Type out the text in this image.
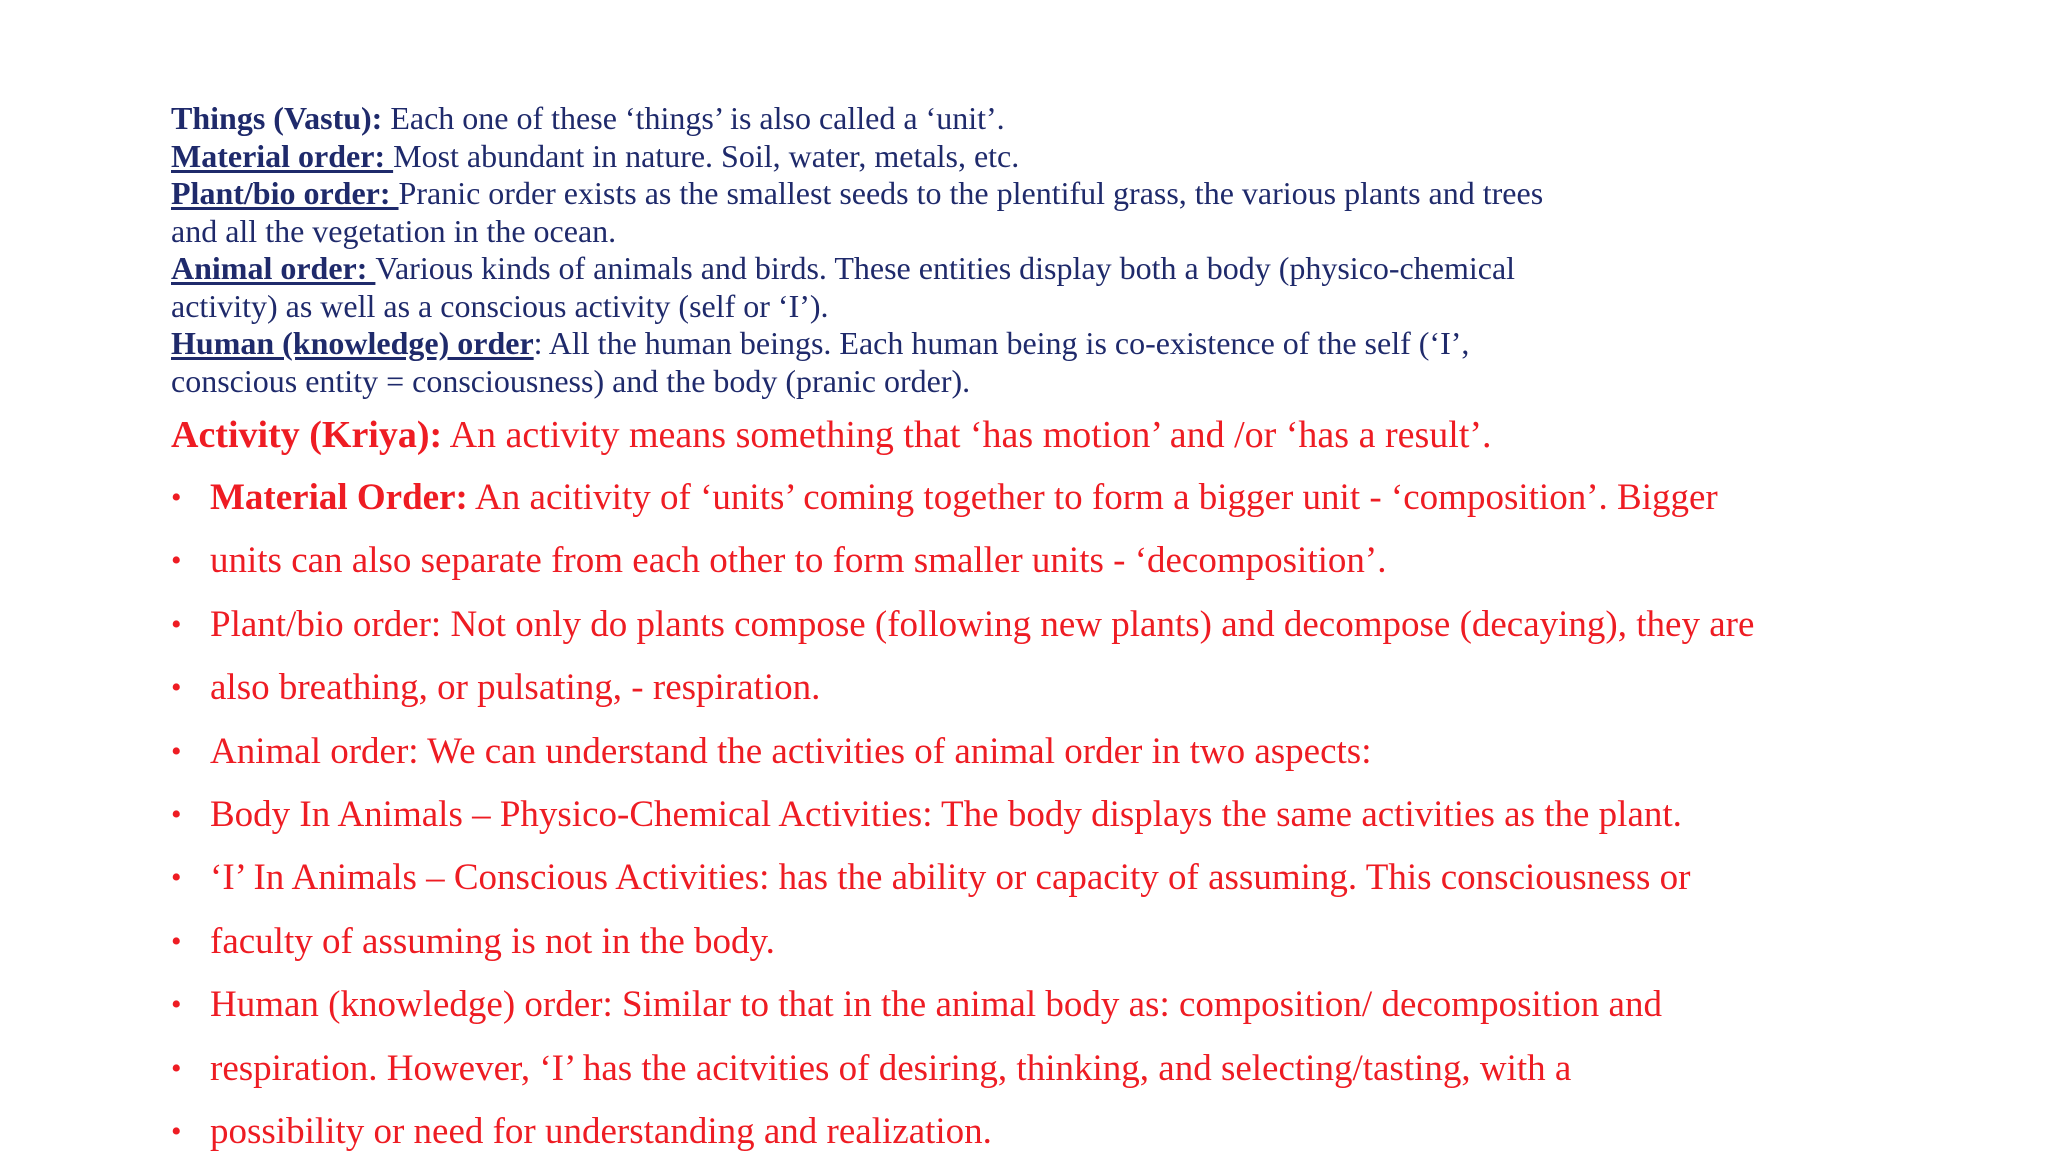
Things (Vastu): Each one of these ‘things’ is also called a ‘unit’.

Material order: Most abundant in nature. Soil, water, metals, etc.

Plant/bio order: Pranic order exists as the smallest seeds to the plentiful grass, the various plants and trees

and all the vegetation in the ocean.

Animal order: Various kinds of animals and birds. These entities display both a body (physico-chemical

activity) as well as a conscious activity (self or ‘I’).

Human (knowledge) order: All the human beings. Each human being is co-existence of the self (‘I’,

conscious entity = consciousness) and the body (pranic order).

Activity (Kriya): An activity means something that ‘has motion’ and /or ‘has a result’.
• Material Order: An acitivity of ‘units’ coming together to form a bigger unit - ‘composition’. Bigger
• units can also separate from each other to form smaller units - ‘decomposition’.
• Plant/bio order: Not only do plants compose (following new plants) and decompose (decaying), they are
• also breathing, or pulsating, - respiration.
• Animal order: We can understand the activities of animal order in two aspects:
• Body In Animals – Physico-Chemical Activities: The body displays the same activities as the plant.
• ‘I’ In Animals – Conscious Activities: has the ability or capacity of assuming. This consciousness or
• faculty of assuming is not in the body.
• Human (knowledge) order: Similar to that in the animal body as: composition/ decomposition and
• respiration. However, ‘I’ has the acitvities of desiring, thinking, and selecting/tasting, with a
• possibility or need for understanding and realization.
